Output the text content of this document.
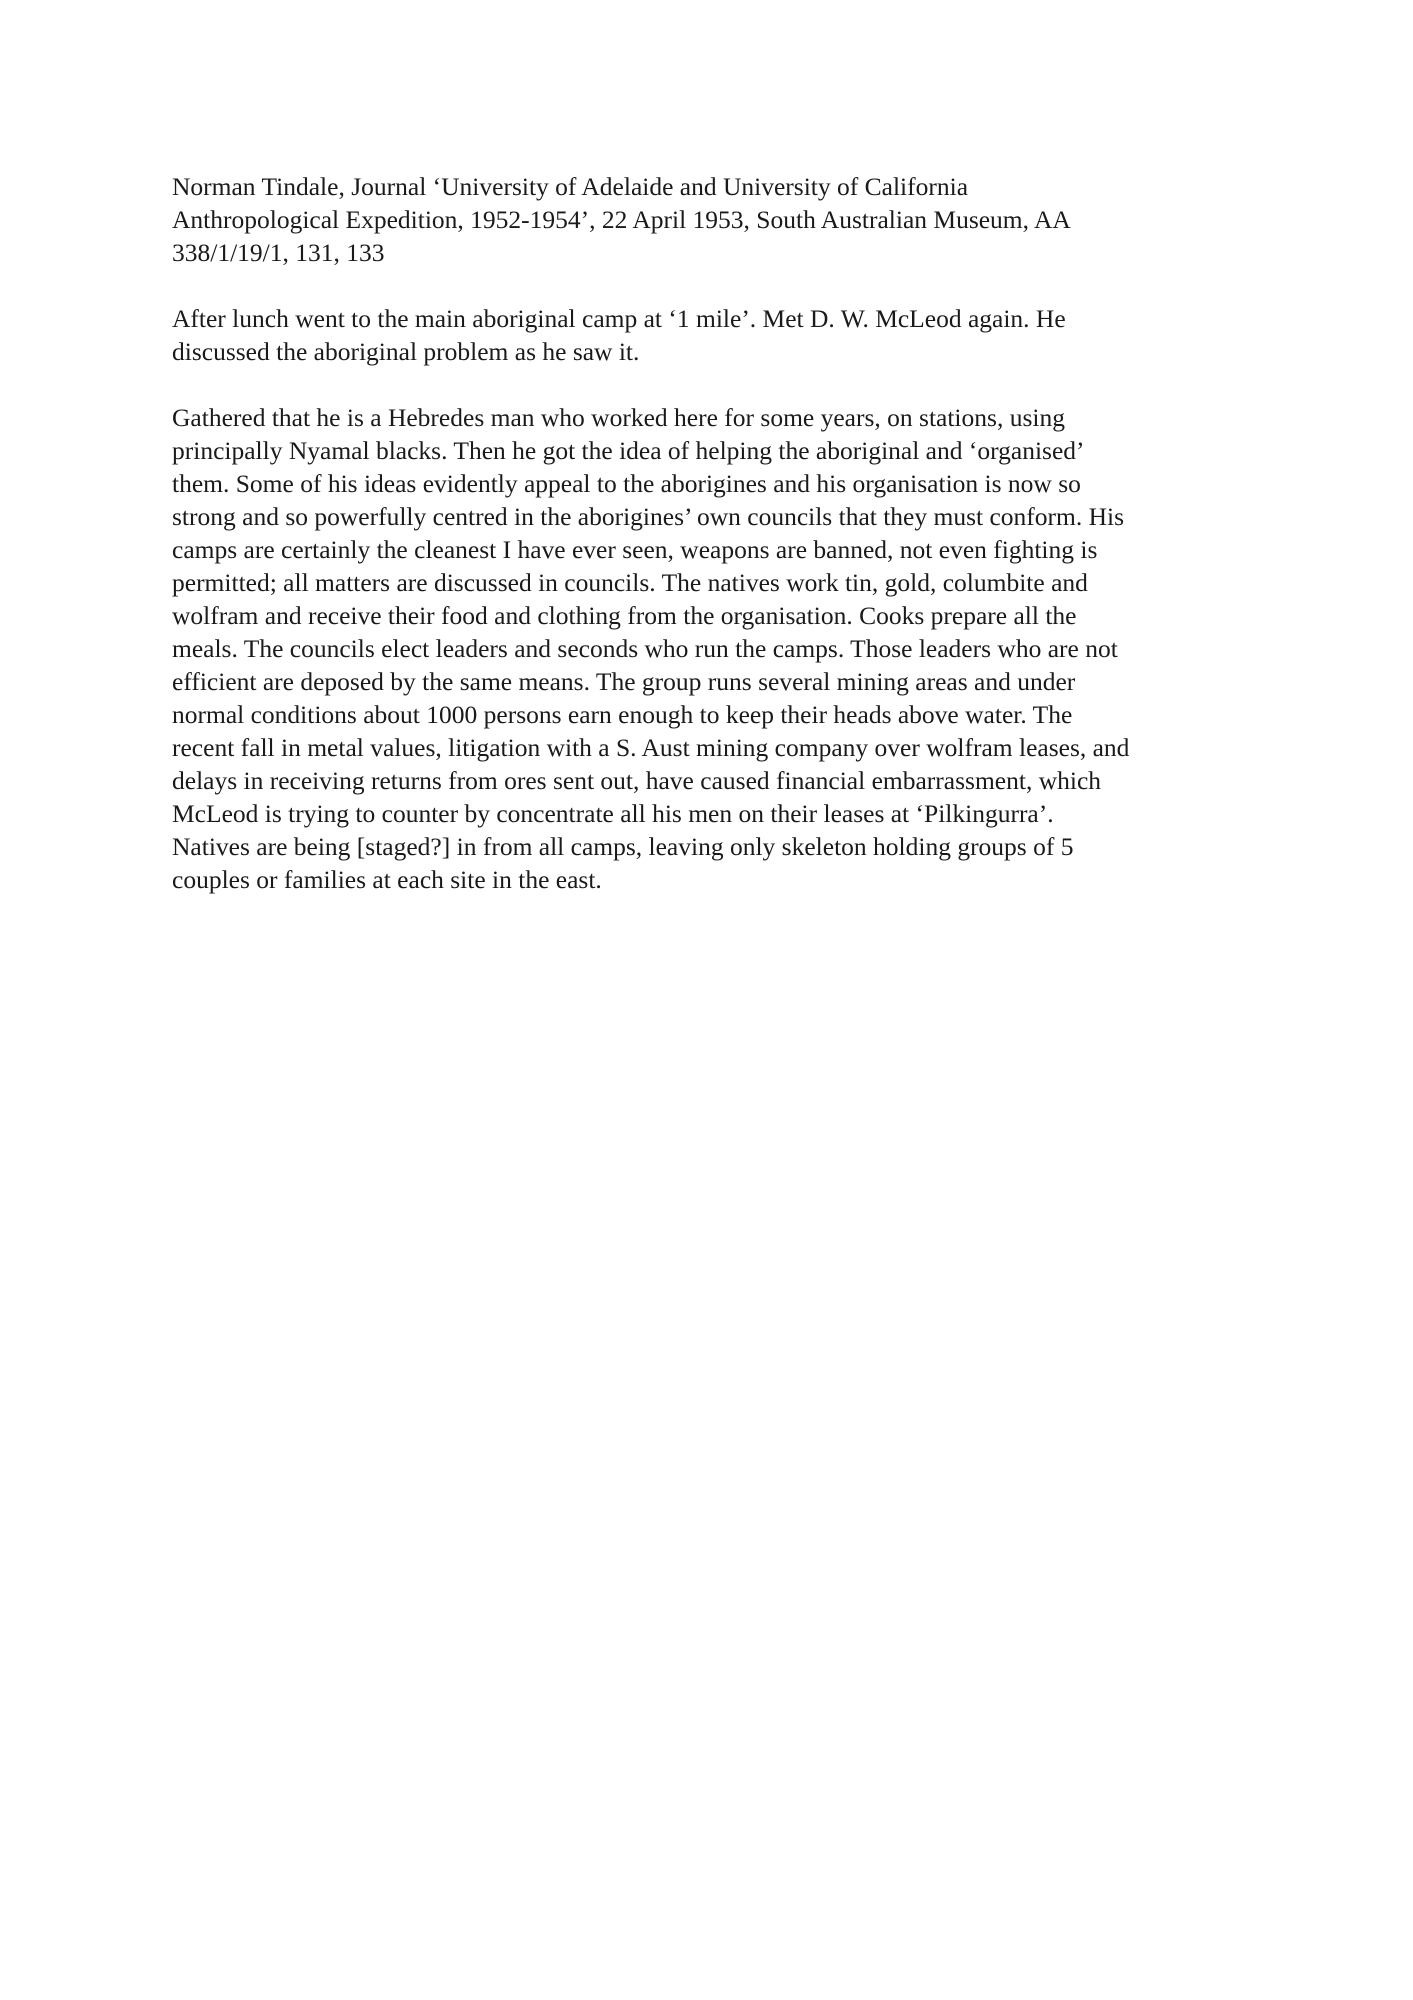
Norman Tindale, Journal ‘University of Adelaide and University of California
Anthropological Expedition, 1952-1954’, 22 April 1953, South Australian Museum, AA
338/1/19/1, 131, 133

After lunch went to the main aboriginal camp at ‘1 mile’. Met D. W. McLeod again. He
discussed the aboriginal problem as he saw it.

Gathered that he is a Hebredes man who worked here for some years, on stations, using
principally Nyamal blacks. Then he got the idea of helping the aboriginal and ‘organised’
them. Some of his ideas evidently appeal to the aborigines and his organisation is now so
strong and so powerfully centred in the aborigines’ own councils that they must conform. His
camps are certainly the cleanest I have ever seen, weapons are banned, not even fighting is
permitted; all matters are discussed in councils. The natives work tin, gold, columbite and
wolfram and receive their food and clothing from the organisation. Cooks prepare all the
meals. The councils elect leaders and seconds who run the camps. Those leaders who are not
efficient are deposed by the same means. The group runs several mining areas and under
normal conditions about 1000 persons earn enough to keep their heads above water. The
recent fall in metal values, litigation with a S. Aust mining company over wolfram leases, and
delays in receiving returns from ores sent out, have caused financial embarrassment, which
McLeod is trying to counter by concentrate all his men on their leases at ‘Pilkingurra’.
Natives are being [staged?] in from all camps, leaving only skeleton holding groups of 5
couples or families at each site in the east.
